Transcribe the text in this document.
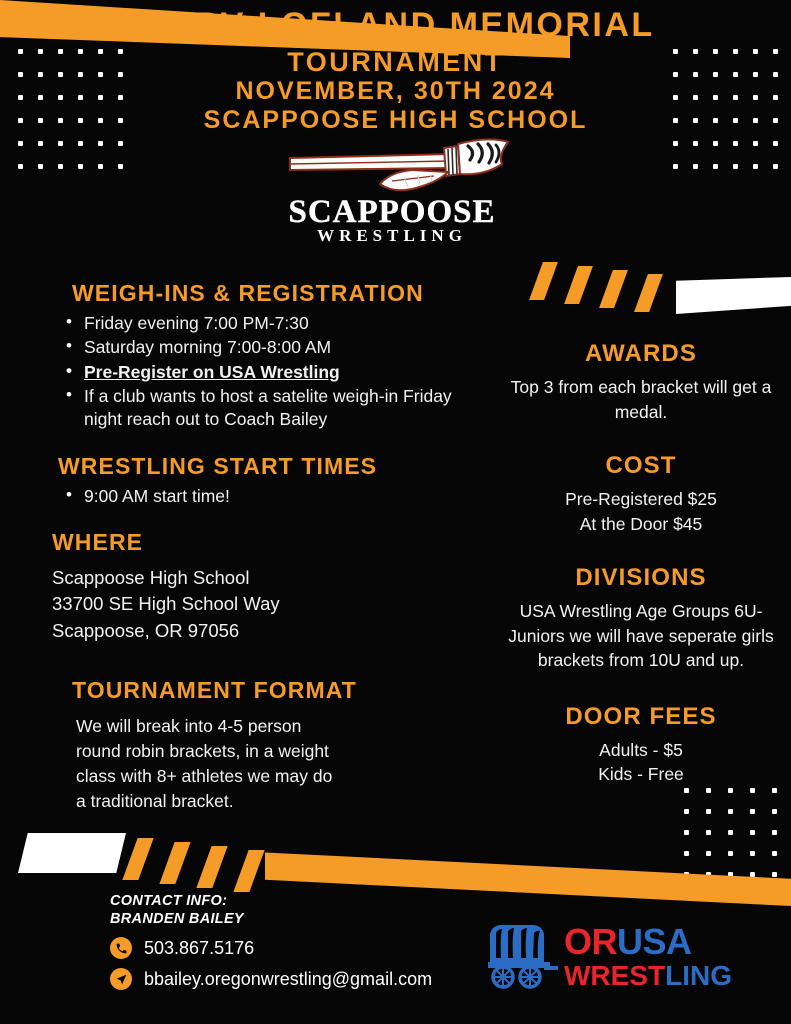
MARV LOFLAND MEMORIAL
TOURNAMENT
NOVEMBER, 30TH 2024
SCAPPOOSE HIGH SCHOOL
SCAPPOOSE
WRESTLING
WEIGH-INS & REGISTRATION
• Friday evening 7:00 PM-7:30
• Saturday morning 7:00-8:00 AM
• Pre-Register on USA Wrestling
• If a club wants to host a satelite weigh-in Friday night reach out to Coach Bailey
WRESTLING START TIMES
• 9:00 AM start time!
WHERE
Scappoose High School
33700 SE High School Way
Scappoose, OR 97056
TOURNAMENT FORMAT
We will break into 4-5 person round robin brackets, in a weight class with 8+ athletes we may do a traditional bracket.
AWARDS
Top 3 from each bracket will get a medal.
COST
Pre-Registered $25
At the Door $45
DIVISIONS
USA Wrestling Age Groups 6U-Juniors we will have seperate girls brackets from 10U and up.
DOOR FEES
Adults - $5
Kids - Free
CONTACT INFO:
BRANDEN BAILEY
503.867.5176
bbailey.oregonwrestling@gmail.com
ORUSA
WRESTLING
